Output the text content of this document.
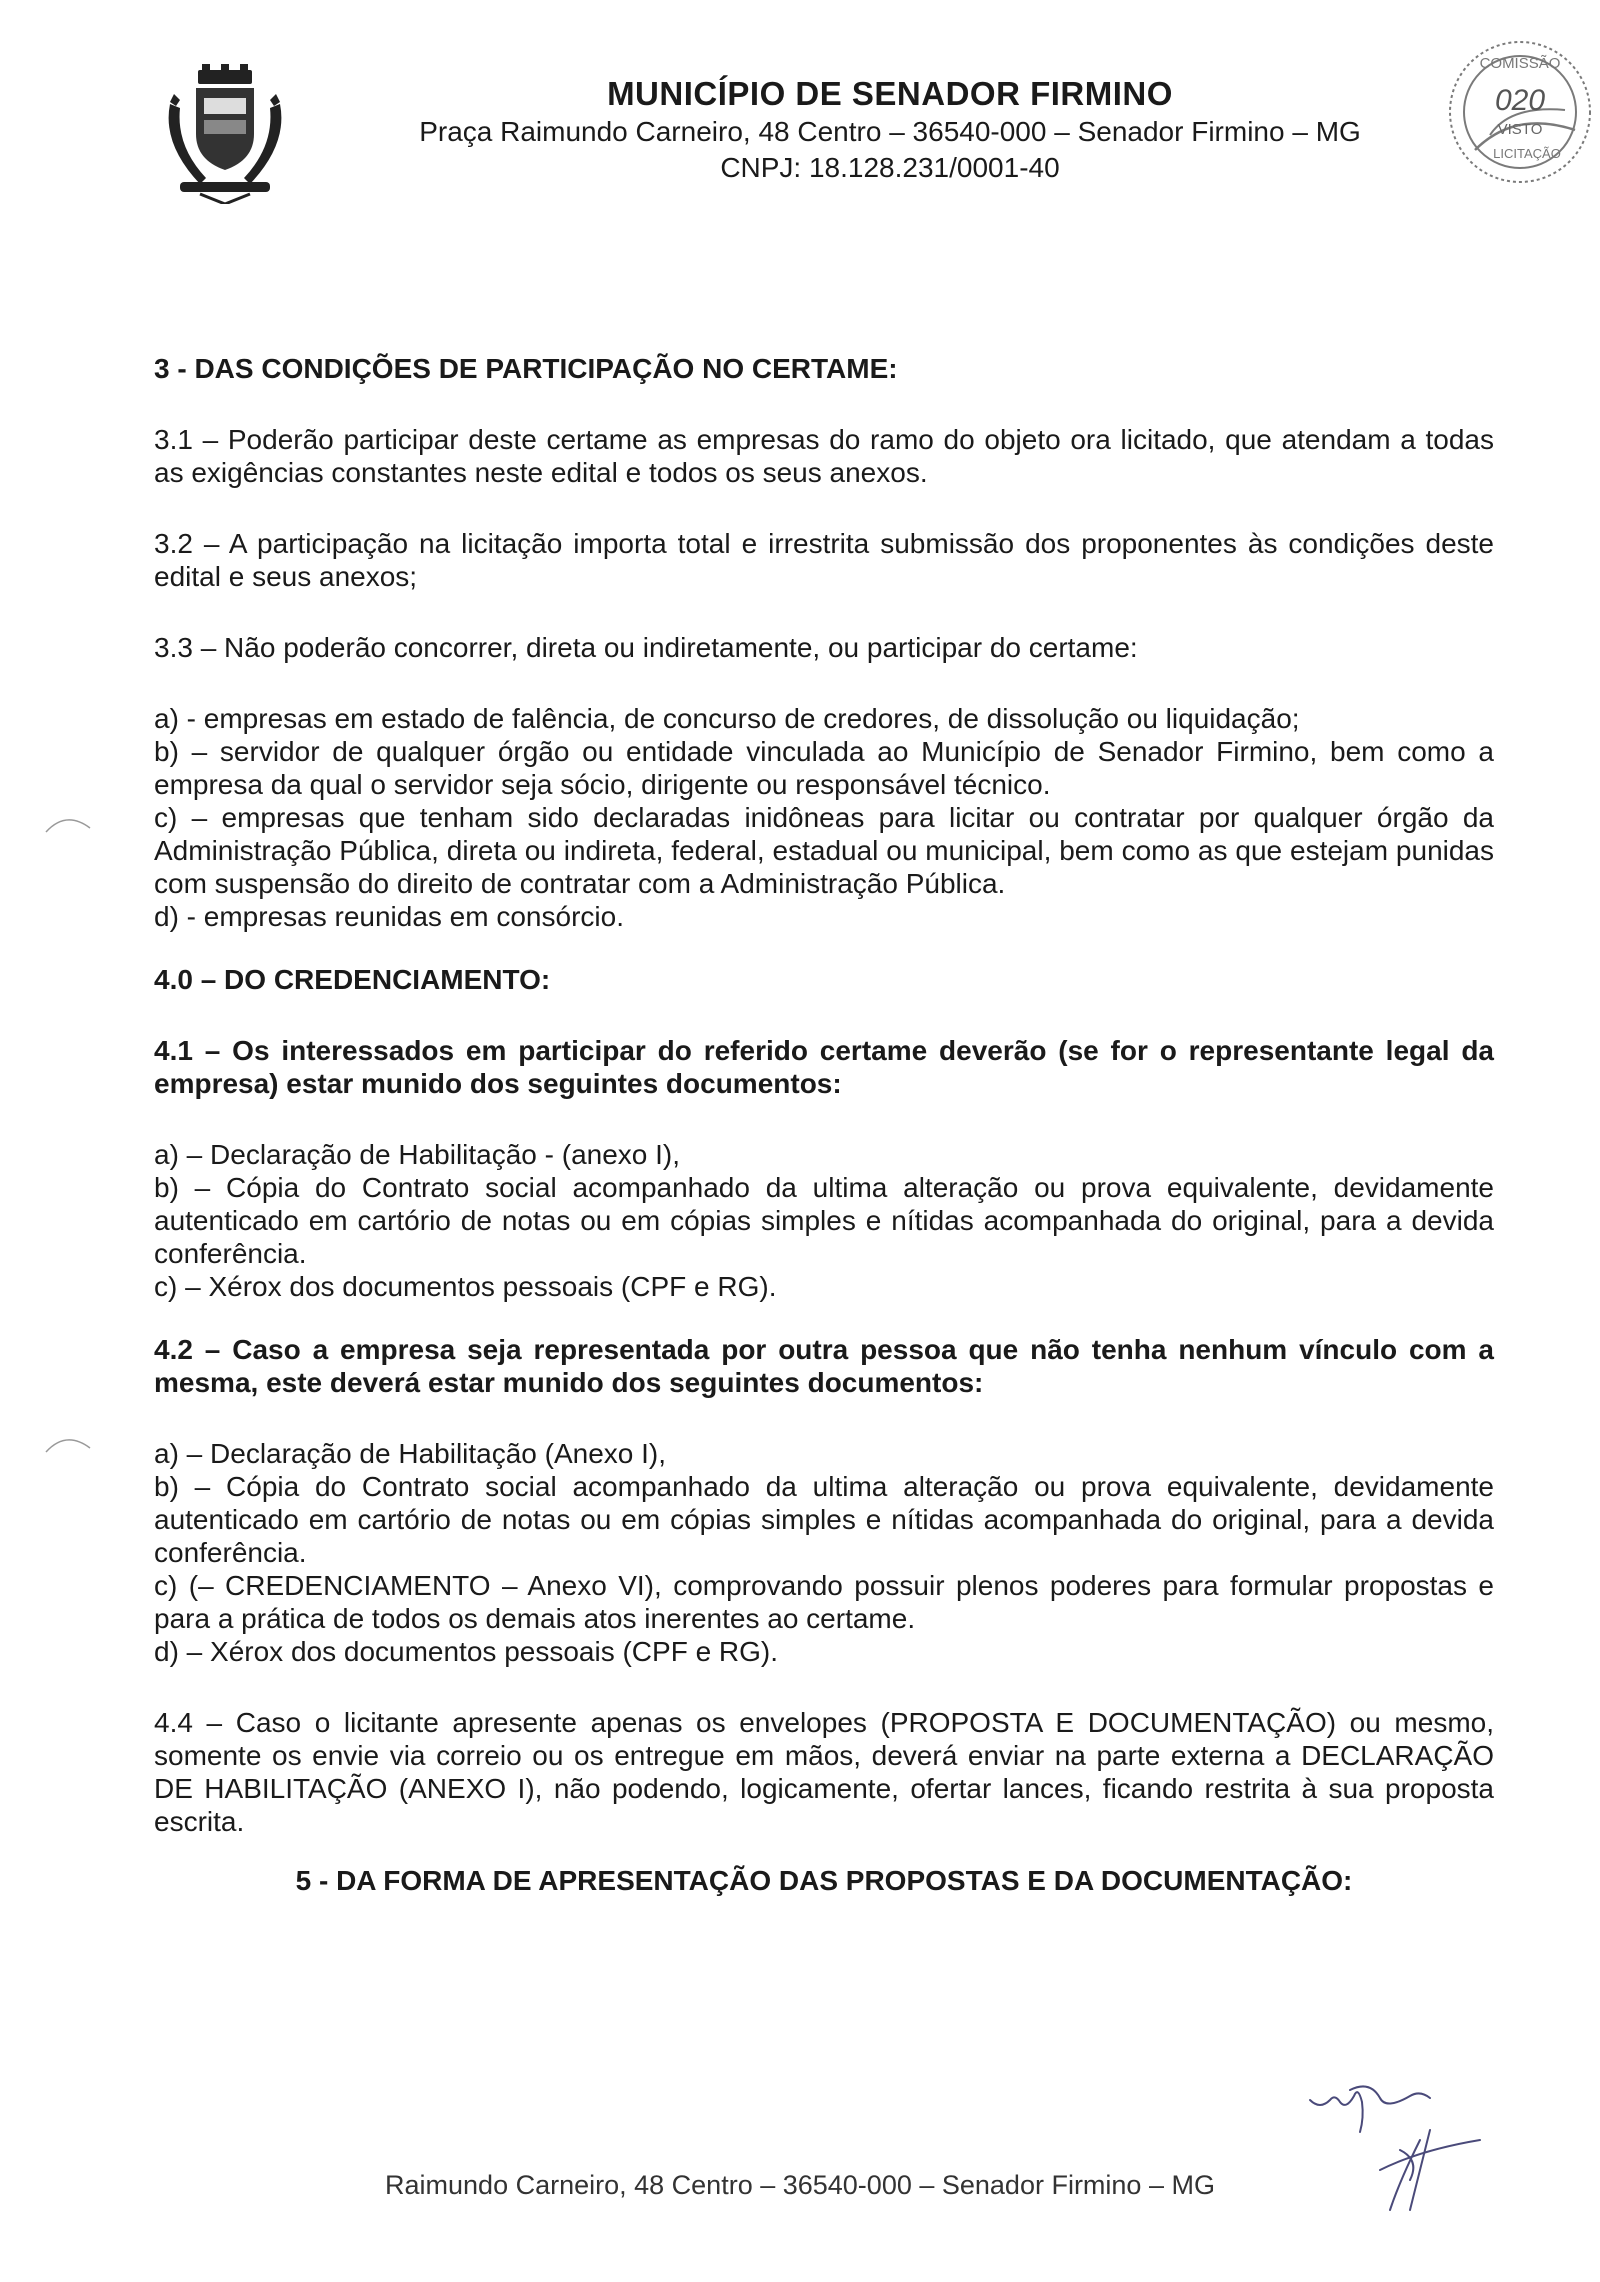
MUNICÍPIO DE SENADOR FIRMINO
Praça Raimundo Carneiro, 48 Centro – 36540-000 – Senador Firmino – MG
CNPJ: 18.128.231/0001-40
COMISSÃO
020
VISTO
LICITAÇÃO

3 - DAS CONDIÇÕES DE PARTICIPAÇÃO NO CERTAME:

3.1 – Poderão participar deste certame as empresas do ramo do objeto ora licitado, que atendam a todas as exigências constantes neste edital e todos os seus anexos.

3.2 – A participação na licitação importa total e irrestrita submissão dos proponentes às condições deste edital e seus anexos;

3.3 – Não poderão concorrer, direta ou indiretamente, ou participar do certame:

a) - empresas em estado de falência, de concurso de credores, de dissolução ou liquidação;

b) – servidor de qualquer órgão ou entidade vinculada ao Município de Senador Firmino, bem como a empresa da qual o servidor seja sócio, dirigente ou responsável técnico.

c) – empresas que tenham sido declaradas inidôneas para licitar ou contratar por qualquer órgão da Administração Pública, direta ou indireta, federal, estadual ou municipal, bem como as que estejam punidas com suspensão do direito de contratar com a Administração Pública.

d) - empresas reunidas em consórcio.

4.0 – DO CREDENCIAMENTO:

4.1 – Os interessados em participar do referido certame deverão (se for o representante legal da empresa) estar munido dos seguintes documentos:

a) – Declaração de Habilitação - (anexo I),

b) – Cópia do Contrato social acompanhado da ultima alteração ou prova equivalente, devidamente autenticado em cartório de notas ou em cópias simples e nítidas acompanhada do original, para a devida conferência.

c) – Xérox dos documentos pessoais (CPF e RG).

4.2 – Caso a empresa seja representada por outra pessoa que não tenha nenhum vínculo com a mesma, este deverá estar munido dos seguintes documentos:

a) – Declaração de Habilitação (Anexo I),

b) – Cópia do Contrato social acompanhado da ultima alteração ou prova equivalente, devidamente autenticado em cartório de notas ou em cópias simples e nítidas acompanhada do original, para a devida conferência.

c) (– CREDENCIAMENTO – Anexo VI), comprovando possuir plenos poderes para formular propostas e para a prática de todos os demais atos inerentes ao certame.

d) – Xérox dos documentos pessoais (CPF e RG).

4.4 – Caso o licitante apresente apenas os envelopes (PROPOSTA E DOCUMENTAÇÃO) ou mesmo, somente os envie via correio ou os entregue em mãos, deverá enviar na parte externa a DECLARAÇÃO DE HABILITAÇÃO (ANEXO I), não podendo, logicamente, ofertar lances, ficando restrita à sua proposta escrita.

5 - DA FORMA DE APRESENTAÇÃO DAS PROPOSTAS E DA DOCUMENTAÇÃO:

Raimundo Carneiro, 48 Centro – 36540-000 – Senador Firmino – MG
